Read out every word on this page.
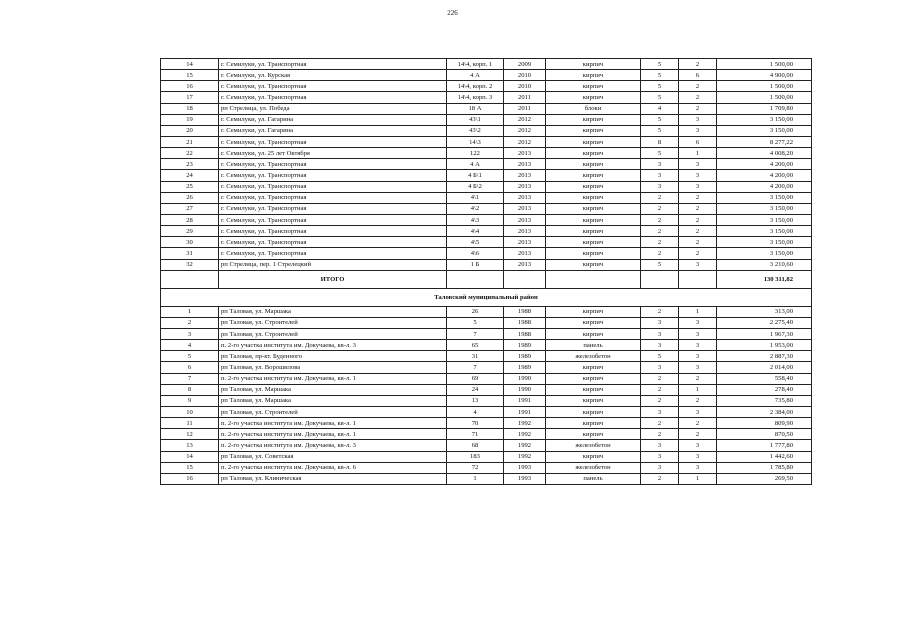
226
14	г. Семилуки, ул. Транспортная	14\4, корп. 1	2009	кирпич	5	2	1 500,00
15	г. Семилуки, ул. Курская	4 А	2010	кирпич	5	6	4 900,00
16	г. Семилуки, ул. Транспортная	14\4, корп. 2	2010	кирпич	5	2	1 500,00
17	г. Семилуки, ул. Транспортная	14\4, корп. 3	2011	кирпич	5	2	1 500,00
18	рп Стрелица, ул. Победа	18 А	2011	блоки	4	2	1 709,80
19	г. Семилуки, ул. Гагарина	43\1	2012	кирпич	5	3	3 150,00
20	г. Семилуки, ул. Гагарина	43\2	2012	кирпич	5	3	3 150,00
21	г. Семилуки, ул. Транспортная	14\3	2012	кирпич	8	6	8 277,22
22	г. Семилуки, ул. 25 лет Октября	122	2013	кирпич	5	1	4 008,20
23	г. Семилуки, ул. Транспортная	4 А	2013	кирпич	3	3	4 200,00
24	г. Семилуки, ул. Транспортная	4 Б\1	2013	кирпич	3	3	4 200,00
25	г. Семилуки, ул. Транспортная	4 Б\2	2013	кирпич	3	3	4 200,00
26	г. Семилуки, ул. Транспортная	4\1	2013	кирпич	2	2	3 150,00
27	г. Семилуки, ул. Транспортная	4\2	2013	кирпич	2	2	3 150,00
28	г. Семилуки, ул. Транспортная	4\3	2013	кирпич	2	2	3 150,00
29	г. Семилуки, ул. Транспортная	4\4	2013	кирпич	2	2	3 150,00
30	г. Семилуки, ул. Транспортная	4\5	2013	кирпич	2	2	3 150,00
31	г. Семилуки, ул. Транспортная	4\6	2013	кирпич	2	2	3 150,00
32	рп Стрелица, пер. 1 Стрелецкий	1 Б	2013	кирпич	5	3	3 210,60
	ИТОГО						130 311,82
Таловский муниципальный район							
1	рп Таловая, ул. Маршака	26	1988	кирпич	2	1	313,00
2	рп Таловая, ул. Строителей	5	1988	кирпич	3	3	2 275,40
3	рп Таловая, ул. Строителей	7	1988	кирпич	3	3	1 967,30
4	п. 2-го участка института им. Докучаева, кв-л. 3	65	1989	панель	3	3	1 953,00
5	рп Таловая, пр-кт. Буденного	31	1989	железобетон	5	3	2 887,30
6	рп Таловая, ул. Ворошилова	7	1989	кирпич	3	3	2 014,00
7	п. 2-го участка института им. Докучаева, кв-л. 1	69	1990	кирпич	2	2	558,40
8	рп Таловая, ул. Маршака	24	1990	кирпич	2	1	278,40
9	рп Таловая, ул. Маршака	13	1991	кирпич	2	2	735,80
10	рп Таловая, ул. Строителей	4	1991	кирпич	3	3	2 384,00
11	п. 2-го участка института им. Докучаева, кв-л. 1	70	1992	кирпич	2	2	809,90
12	п. 2-го участка института им. Докучаева, кв-л. 1	71	1992	кирпич	2	2	870,50
13	п. 2-го участка института им. Докучаева, кв-л. 3	68	1992	железобетон	3	3	1 777,80
14	рп Таловая, ул. Советская	183	1992	кирпич	3	3	1 442,60
15	п. 2-го участка института им. Докучаева, кв-л. 6	72	1993	железобетон	3	3	1 785,80
16	рп Таловая, ул. Клиническая	1	1993	панель	2	1	269,50
